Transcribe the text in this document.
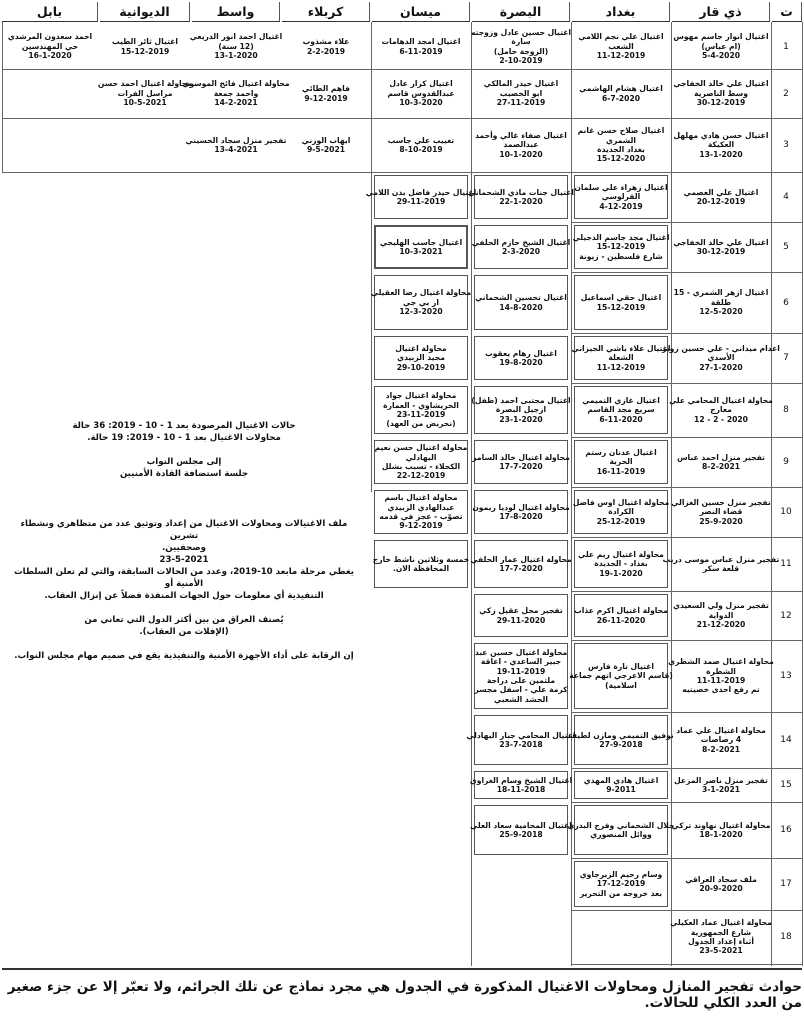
ت
ذي قار
بغداد
البصرة
ميسان
كربلاء
واسط
الديوانية
بابل
1
اغتيال انوار جاسم مهوس
(ام عباس)
5-4-2020
اغتيال علي نجم اللامي
الشعب
11-12-2019
اغتيال حسين عادل وزوجته
سارة
(الزوجة حامل)
2-10-2019
اغتيال امجد الدهامات
6-11-2019
علاء مشذوب
2-2-2019
اغتيال احمد انور الدريعي
(12 سنة)
13-1-2020
اغتيال ثائر الطيب
15-12-2019
احمد سعدون المرشدي
حي المهندسين
16-1-2020
2
اغتيال علي خالد الخفاجي
وسط الناصرية
30-12-2019
اغتيال هشام الهاشمي
6-7-2020
اغتيال حيدر المالكي
ابو الخصيب
27-11-2019
اغتيال كرار عادل
عبدالقدوس قاسم
10-3-2020
فاهم الطائي
9-12-2019
محاولة اغتيال فائج الموسوي
واحمد جمعة
14-2-2021
محاولة اغتيال احمد حسن
مراسل الفرات
10-5-2021
3
اغتيال حسن هادي مهلهل
العكيكة
13-1-2020
اغتيال صلاح حسن غانم
الشمري
بغداد الجديدة
15-12-2020
اغتيال صفاء غالي وأحمد
عبدالصمد
10-1-2020
تغييب علي جاسب
8-10-2019
ايهاب الوزني
9-5-2021
تفجير منزل سجاد الحسيني
13-4-2021
4
اغتيال علي العصمي
20-12-2019
اغتيال زهراء علي سلمان
القرلوسي
4-12-2019
اغتيال جنات ماذي الشحماني
22-1-2020
اغتيال حيدر فاضل بدن اللامي
29-11-2019
5
اغتيال علي خالد الخفاجي
30-12-2019
اغتيال مجد جاسم الدجيلي
15-12-2019
شارع فلسطين - زيونة
اغتيال الشيخ حازم الحلفي
2-3-2020
اغتيال جاسب الهليجي
10-3-2021
6
اغتيال ازهر الشمري - 15
طلقة
12-5-2020
اغتيال حقي اسماعيل
15-12-2019
اغتيال تحسين الشحماني
14-8-2020
محاولة اغتيال رضا العقيلي
ار بي جي
12-3-2020
7
اعدام ميداني - علي حسين زوير
الأسدي
27-1-2020
اغتيال علاء باشي الجيزاني
الشعلة
11-12-2019
اغتيال رهام يعقوب
19-8-2020
محاولة اغتيال
مجيد الزبيدي
29-10-2019
8
محاولة اغتيال المحامي علي
معارج
2020 - 2 - 12
اغتيال غازي التميمي
سريع مجد القاسم
6-11-2020
اغتيال مجتبى احمد (طفل)
ازجيل البصرة
23-1-2020
محاولة اغتيال جواد
الحريشاوي - العمارة
23-11-2019
(تحريض من العهد)
9
تفجير منزل احمد عباس
8-2-2021
اغتيال عدنان رستم
الحرية
16-11-2019
محاولة اغتيال خالد السامر
17-7-2020
محاولة اغتيال حسن نعيم
البهادلي
الكحلاء - تسبب بشلل
22-12-2019
10
تفجير منزل حسين الغزالي
قضاء النصر
25-9-2020
محاولة اغتيال اوس فاضل
الكرادة
25-12-2019
محاولة اغتيال لوديا ريمون
17-8-2020
محاولة اغتيال باسم
عبدالهادي الزبيدي
تصوّب - عجز في قدمه
9-12-2019
11
تفجير منزل عباس موسى دريب
قلعة سكر
محاولة اغتيال ريم علي
بغداد - الجديدة
19-1-2020
محاولة اغتيال عمار الحلفي
17-7-2020
خمسة وثلاثين ناشط خارج
المحافظة الان.
12
تفجير منزل ولي السعيدي
الدواية
21-12-2020
محاولة اغتيال اكرم عذاب
26-11-2020
تفجير محل عقيل زكي
29-11-2020
13
محاولة اغتيال صمد الشطري
الشطرة
11-11-2019
تم رفع احدى خصيتيه
اغتيال تارة فارس
(قاسم الاعرجي اتهم جماعة
اسلامية)
محاولة اغتيال حسين عبد
جبير الساعدي - اعاقة
19-11-2019
ملثمين على دراجة
كرمة علي - اسفل مجسر
الحشد الشعبي
14
محاولة اغتيال علي عماد
4 رصاصات
8-2-2021
توفيق التميمي ومازن لطيف
27-9-2018
اغتيال المحامي جبار البهادلي
23-7-2018
15
تفجير منزل ناصر المزعل
3-1-2021
اغتيال هادي المهدي
9-2011
اغتيال الشيخ وسام الغراوي
18-11-2018
16
محاولة اغتيال نهاوند تركي
18-1-2020
جلال الشحماني وفرج البدري
ووائل المنصوري
اغتيال المحامية سعاد العلي
25-9-2018
17
ملف سجاد العراقي
20-9-2020
وسام رحيم الزبرجاوي
17-12-2019
بعد خروجه من التحرير
18
محاولة اغتيال عماد العكيلي
شارع الجمهورية
أثناء إعداد الجدول
23-5-2021

حالات الاغتيال المرصودة بعد 1 - 10 - 2019: 36 حالة

محاولات الاغتيال بعد 1 - 10 - 2019: 19 حالة.

إلى مجلس النواب

جلسة استضافة القادة الأمنيين

ملف الاغتيالات ومحاولات الاغتيال من إعداد وتوثيق عدد من متظاهري ونشطاء تشرين

وصحفيين.

23-5-2021

يغطي مرحلة مابعد 10-2019، وعدد من الحالات السابقة، والتي لم تعلن السلطات الأمنية أو

التنفيذية أي معلومات حول الجهات المنفذة فضلاً عن إنزال العقاب.

يُصنف العراق من بين أكثر الدول التي تعاني من

(الإفلات من العقاب).

إن الرقابة على أداء الأجهزة الأمنية والتنفيذية يقع في صميم مهام مجلس النواب.

حوادث تفجير المنازل ومحاولات الاغتيال المذكورة في الجدول هي مجرد نماذج عن تلك الجرائم، ولا تعبّر إلا عن جزء صغير من العدد الكلي للحالات.
